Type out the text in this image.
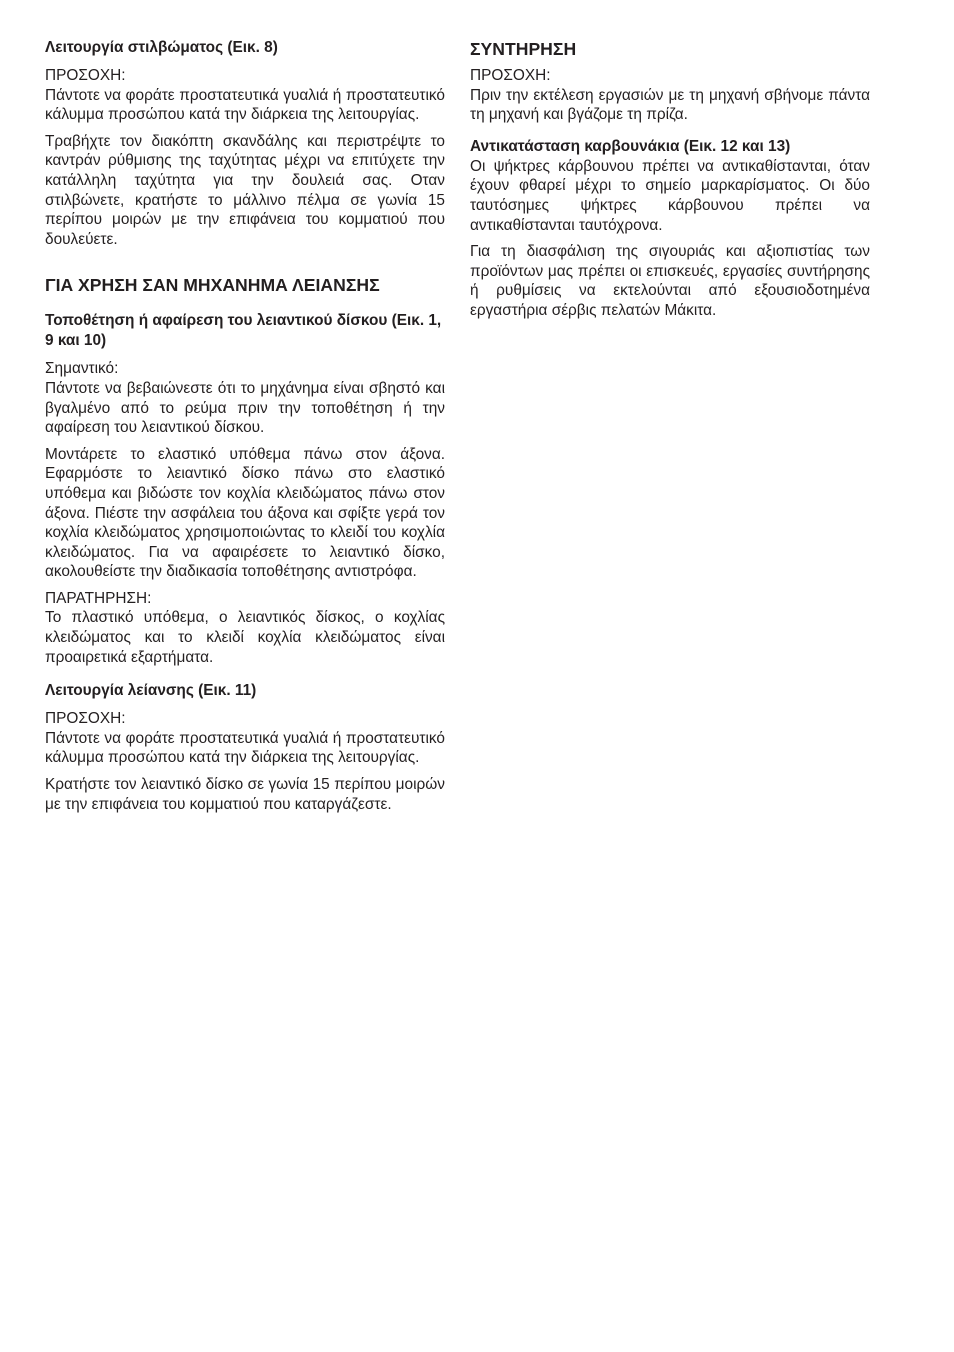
Λειτουργία στιλβώματος (Εικ. 8)
ΠΡΟΣΟΧΗ:

Πάντοτε να φοράτε προστατευτικά γυαλιά ή προστατευτικό κάλυμμα προσώπου κατά την διάρκεια της λειτουργίας.

Τραβήχτε τον διακόπτη σκανδάλης και περιστρέψτε το καντράν ρύθμισης της ταχύτητας μέχρι να επιτύχετε την κατάλληλη ταχύτητα για την δουλειά σας. Οταν στιλβώνετε, κρατήστε το μάλλινο πέλμα σε γωνία 15 περίπου μοιρών με την επιφάνεια του κομματιού που δουλεύετε.

ΓΙΑ ΧΡΗΣΗ ΣΑΝ ΜΗΧΑΝΗΜΑ ΛΕΙΑΝΣΗΣ
Τοποθέτηση ή αφαίρεση του λειαντικού δίσκου (Εικ. 1, 9 και 10)
Σημαντικό:

Πάντοτε να βεβαιώνεστε ότι το μηχάνημα είναι σβηστό και βγαλμένο από το ρεύμα πριν την τοποθέτηση ή την αφαίρεση του λειαντικού δίσκου.

Μοντάρετε το ελαστικό υπόθεμα πάνω στον άξονα. Εφαρμόστε το λειαντικό δίσκο πάνω στο ελαστικό υπόθεμα και βιδώστε τον κοχλία κλειδώματος πάνω στον άξονα. Πιέστε την ασφάλεια του άξονα και σφίξτε γερά τον κοχλία κλειδώματος χρησιμοποιώντας το κλειδί του κοχλία κλειδώματος. Για να αφαιρέσετε το λειαντικό δίσκο, ακολουθείστε την διαδικασία τοποθέτησης αντιστρόφα.

ΠΑΡΑΤΗΡΗΣΗ:

Το πλαστικό υπόθεμα, ο λειαντικός δίσκος, ο κοχλίας κλειδώματος και το κλειδί κοχλία κλειδώματος είναι προαιρετικά εξαρτήματα.

Λειτουργία λείανσης (Εικ. 11)
ΠΡΟΣΟΧΗ:

Πάντοτε να φοράτε προστατευτικά γυαλιά ή προστατευτικό κάλυμμα προσώπου κατά την διάρκεια της λειτουργίας.

Κρατήστε τον λειαντικό δίσκο σε γωνία 15 περίπου μοιρών με την επιφάνεια του κομματιού που καταργάζεστε.

ΣΥΝΤΗΡΗΣΗ
ΠΡΟΣΟΧΗ:

Πριν την εκτέλεση εργασιών με τη μηχανή σβήνομε πάντα τη μηχανή και βγάζομε τη πρίζα.

Αντικατάσταση καρβουνάκια (Εικ. 12 και 13)

Οι ψήκτρες κάρβουνου πρέπει να αντικαθίστανται, όταν έχουν φθαρεί μέχρι το σημείο μαρκαρίσματος. Οι δύο ταυτόσημες ψήκτρες κάρβουνου πρέπει να αντικαθίστανται ταυτόχρονα.

Για τη διασφάλιση της σιγουριάς και αξιοπιστίας των προϊόντων μας πρέπει οι επισκευές, εργασίες συντήρησης ή ρυθμίσεις να εκτελούνται από εξουσιοδοτημένα εργαστήρια σέρβις πελατών Μάκιτα.
